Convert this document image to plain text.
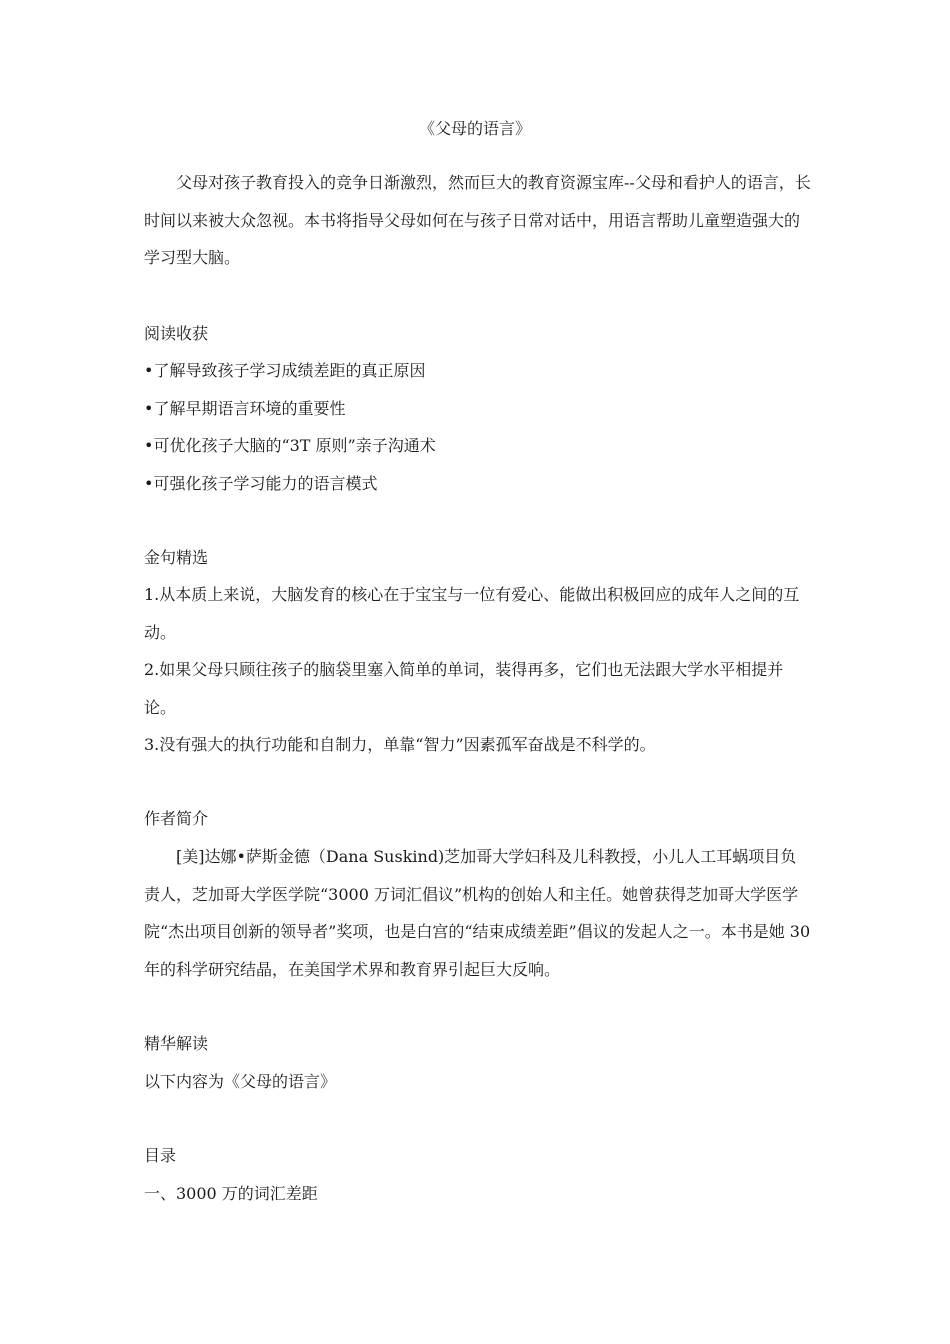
《父母的语言》

父母对孩子教育投入的竞争日渐激烈，然而巨大的教育资源宝库--父母和看护人的语言，长时间以来被大众忽视。本书将指导父母如何在与孩子日常对话中，用语言帮助儿童塑造强大的学习型大脑。

阅读收获
•了解导致孩子学习成绩差距的真正原因
•了解早期语言环境的重要性
•可优化孩子大脑的“3T 原则”亲子沟通术
•可强化孩子学习能力的语言模式
金句精选

1.从本质上来说，大脑发育的核心在于宝宝与一位有爱心、能做出积极回应的成年人之间的互动。

2.如果父母只顾往孩子的脑袋里塞入简单的单词，装得再多，它们也无法跟大学水平相提并论。

3.没有强大的执行功能和自制力，单靠“智力”因素孤军奋战是不科学的。

作者简介

[美]达娜•萨斯金德（Dana Suskind)芝加哥大学妇科及儿科教授，小儿人工耳蜗项目负责人，芝加哥大学医学院“3000 万词汇倡议”机构的创始人和主任。她曾获得芝加哥大学医学院“杰出项目创新的领导者”奖项，也是白宫的“结束成绩差距”倡议的发起人之一。本书是她 30 年的科学研究结晶，在美国学术界和教育界引起巨大反响。

精华解读
以下内容为《父母的语言》
目录
一、3000 万的词汇差距
